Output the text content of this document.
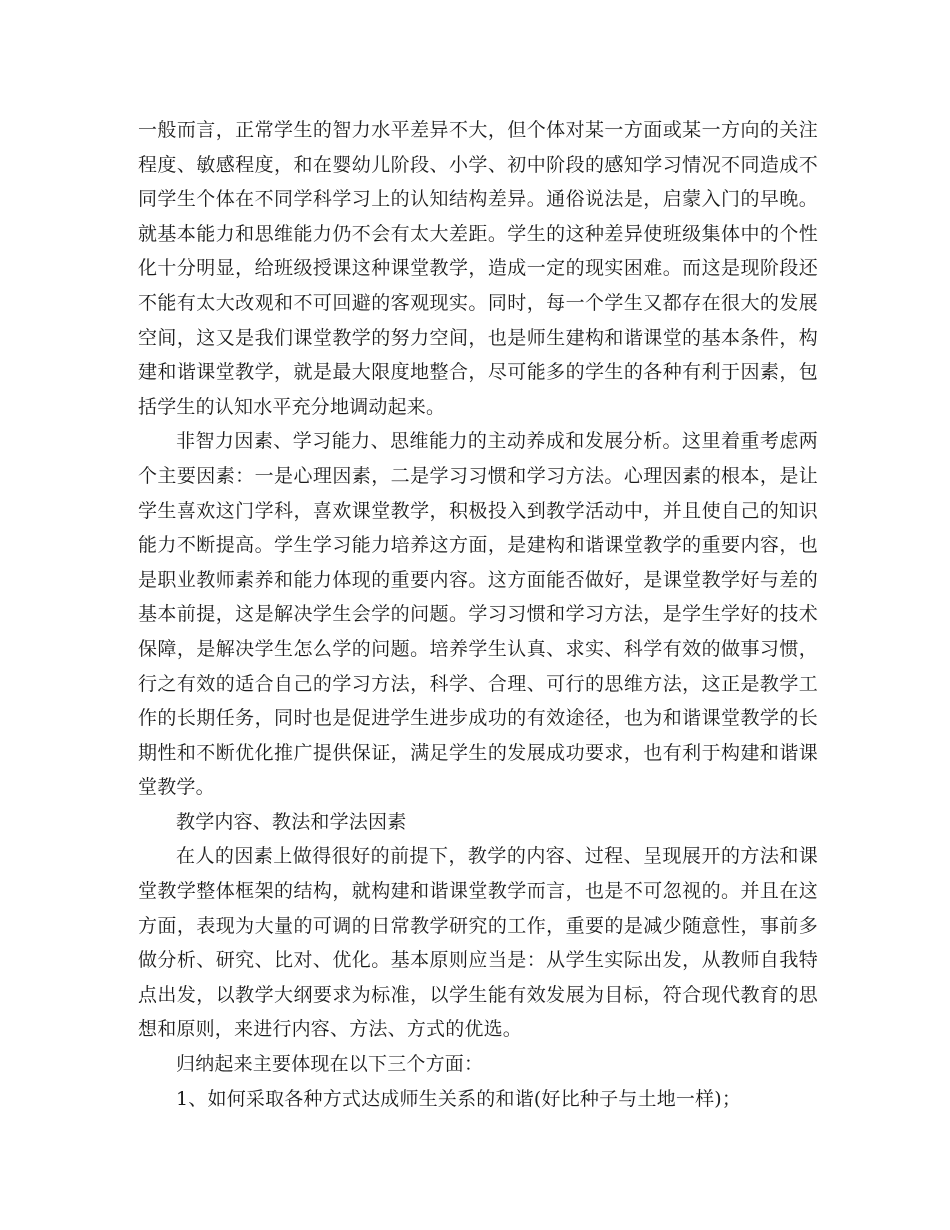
一般而言，正常学生的智力水平差异不大，但个体对某一方面或某一方向的关注程度、敏感程度，和在婴幼儿阶段、小学、初中阶段的感知学习情况不同造成不同学生个体在不同学科学习上的认知结构差异。通俗说法是，启蒙入门的早晚。就基本能力和思维能力仍不会有太大差距。学生的这种差异使班级集体中的个性化十分明显，给班级授课这种课堂教学，造成一定的现实困难。而这是现阶段还不能有太大改观和不可回避的客观现实。同时，每一个学生又都存在很大的发展空间，这又是我们课堂教学的努力空间，也是师生建构和谐课堂的基本条件，构建和谐课堂教学，就是最大限度地整合，尽可能多的学生的各种有利于因素，包括学生的认知水平充分地调动起来。

非智力因素、学习能力、思维能力的主动养成和发展分析。这里着重考虑两个主要因素：一是心理因素，二是学习习惯和学习方法。心理因素的根本，是让学生喜欢这门学科，喜欢课堂教学，积极投入到教学活动中，并且使自己的知识能力不断提高。学生学习能力培养这方面，是建构和谐课堂教学的重要内容，也是职业教师素养和能力体现的重要内容。这方面能否做好，是课堂教学好与差的基本前提，这是解决学生会学的问题。学习习惯和学习方法，是学生学好的技术保障，是解决学生怎么学的问题。培养学生认真、求实、科学有效的做事习惯，行之有效的适合自己的学习方法，科学、合理、可行的思维方法，这正是教学工作的长期任务，同时也是促进学生进步成功的有效途径，也为和谐课堂教学的长期性和不断优化推广提供保证，满足学生的发展成功要求，也有利于构建和谐课堂教学。

教学内容、教法和学法因素

在人的因素上做得很好的前提下，教学的内容、过程、呈现展开的方法和课堂教学整体框架的结构，就构建和谐课堂教学而言，也是不可忽视的。并且在这方面，表现为大量的可调的日常教学研究的工作，重要的是减少随意性，事前多做分析、研究、比对、优化。基本原则应当是：从学生实际出发，从教师自我特点出发，以教学大纲要求为标准，以学生能有效发展为目标，符合现代教育的思想和原则，来进行内容、方法、方式的优选。

归纳起来主要体现在以下三个方面：

1、如何采取各种方式达成师生关系的和谐(好比种子与土地一样)；
